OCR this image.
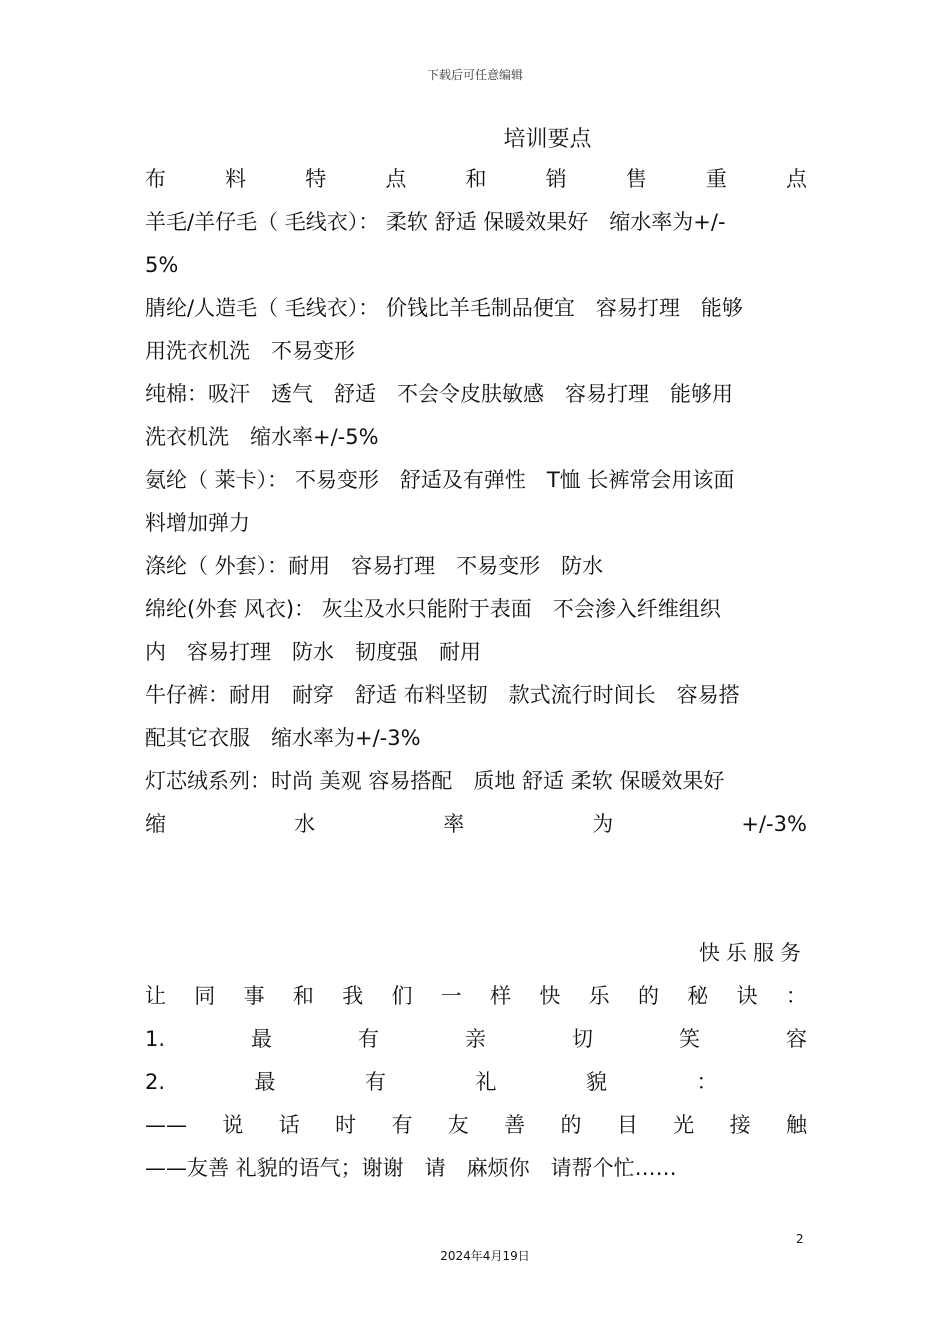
下载后可任意编辑
培训要点
布	料	特	点	和	销	售	重	点
羊毛/羊仔毛（ 毛线衣）： 柔软 舒适 保暖效果好　缩水率为+/-
5%
腈纶/人造毛（ 毛线衣）： 价钱比羊毛制品便宜　容易打理　能够
用洗衣机洗　不易变形
纯棉：吸汗　透气　舒适　不会令皮肤敏感　容易打理　能够用
洗衣机洗　缩水率+/-5%
氨纶（ 莱卡）： 不易变形　舒适及有弹性　T恤 长裤常会用该面
料增加弹力
涤纶（ 外套）：耐用　容易打理　不易变形　防水
绵纶(外套 风衣)： 灰尘及水只能附于表面　不会渗入纤维组织
内　容易打理　防水　韧度强　耐用
牛仔裤：耐用　耐穿　舒适 布料坚韧　款式流行时间长　容易搭
配其它衣服　缩水率为+/-3%
灯芯绒系列：时尚 美观 容易搭配　质地 舒适 柔软 保暖效果好
缩	水	率	为	+/-3%
快乐服务
让 同 事 和 我 们 一 样 快 乐 的 秘 诀 ：
1.	最	有	亲	切	笑	容
2.	最	有	礼	貌	：
—— 说 话 时 有 友 善 的 目 光 接 触
——友善 礼貌的语气；谢谢　请　麻烦你　请帮个忙……
2
2024年4月19日
